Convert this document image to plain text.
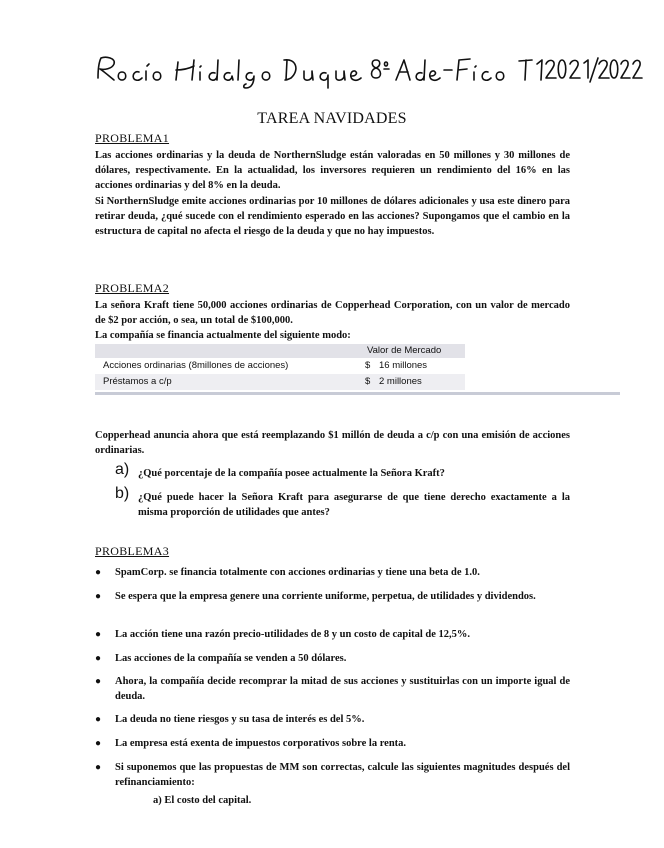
TAREA NAVIDADES
PROBLEMA1

Las acciones ordinarias y la deuda de NorthernSludge están valoradas en 50 millones y 30 millones de dólares, respectivamente. En la actualidad, los inversores requieren un rendimiento del 16% en las acciones ordinarias y del 8% en la deuda.

Si NorthernSludge emite acciones ordinarias por 10 millones de dólares adicionales y usa este dinero para retirar deuda, ¿qué sucede con el rendimiento esperado en las acciones? Supongamos que el cambio en la estructura de capital no afecta el riesgo de la deuda y que no hay impuestos.

PROBLEMA2

La señora Kraft tiene 50,000 acciones ordinarias de Copperhead Corporation, con un valor de mercado de $2 por acción, o sea, un total de $100,000.

La compañía se financia actualmente del siguiente modo:

Valor de Mercado
Acciones ordinarias (8millones de acciones)	$ 16 millones
Préstamos a c/p	$ 2 millones

Copperhead anuncia ahora que está reemplazando $1 millón de deuda a c/p con una emisión de acciones ordinarias.

a) ¿Qué porcentaje de la compañía posee actualmente la Señora Kraft?
b) ¿Qué puede hacer la Señora Kraft para asegurarse de que tiene derecho exactamente a la misma proporción de utilidades que antes?
PROBLEMA3
● SpamCorp. se financia totalmente con acciones ordinarias y tiene una beta de 1.0.
● Se espera que la empresa genere una corriente uniforme, perpetua, de utilidades y dividendos.
● La acción tiene una razón precio-utilidades de 8 y un costo de capital de 12,5%.
● Las acciones de la compañía se venden a 50 dólares.
● Ahora, la compañía decide recomprar la mitad de sus acciones y sustituirlas con un importe igual de deuda.
● La deuda no tiene riesgos y su tasa de interés es del 5%.
● La empresa está exenta de impuestos corporativos sobre la renta.
● Si suponemos que las propuestas de MM son correctas, calcule las siguientes magnitudes después del refinanciamiento:
a) El costo del capital.
